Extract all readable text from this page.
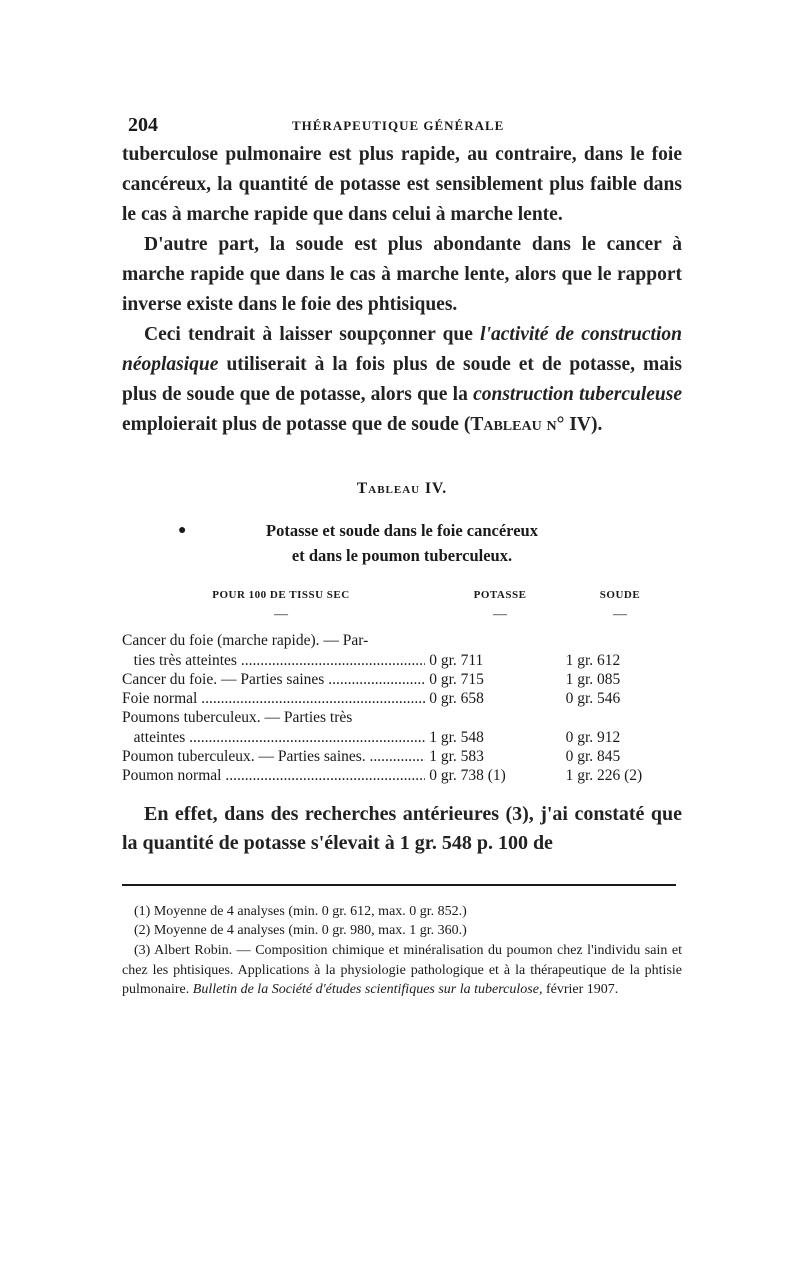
204	THÉRAPEUTIQUE GÉNÉRALE

tuberculose pulmonaire est plus rapide, au contraire, dans le foie cancéreux, la quantité de potasse est sensiblement plus faible dans le cas à marche rapide que dans celui à marche lente.

D'autre part, la soude est plus abondante dans le cancer à marche rapide que dans le cas à marche lente, alors que le rapport inverse existe dans le foie des phtisiques.

Ceci tendrait à laisser soupçonner que l'activité de construction néoplasique utiliserait à la fois plus de soude et de potasse, mais plus de soude que de potasse, alors que la construction tuberculeuse emploierait plus de potasse que de soude (Tableau n° IV).

Tableau IV.
●	Potasse et soude dans le foie cancéreux
et dans le poumon tuberculeux.
POUR 100 DE TISSU SEC	POTASSE	SOUDE
—	—	—
Cancer du foie (marche rapide). — Par-
ties très atteintes .....	0 gr. 711	1 gr. 612
Cancer du foie. — Parties saines .....	0 gr. 715	1 gr. 085
Foie normal .....	0 gr. 658	0 gr. 546
Poumons tuberculeux. — Parties très
atteintes .....	1 gr. 548	0 gr. 912
Poumon tuberculeux. — Parties saines. .....	1 gr. 583	0 gr. 845
Poumon normal .....	0 gr. 738 (1)	1 gr. 226 (2)

En effet, dans des recherches antérieures (3), j'ai constaté que la quantité de potasse s'élevait à 1 gr. 548 p. 100 de

(1) Moyenne de 4 analyses (min. 0 gr. 612, max. 0 gr. 852.)

(2) Moyenne de 4 analyses (min. 0 gr. 980, max. 1 gr. 360.)

(3) Albert Robin. — Composition chimique et minéralisation du poumon chez l'individu sain et chez les phtisiques. Applications à la physiologie pathologique et à la thérapeutique de la phtisie pulmonaire. Bulletin de la Société d'études scientifiques sur la tuberculose, février 1907.
